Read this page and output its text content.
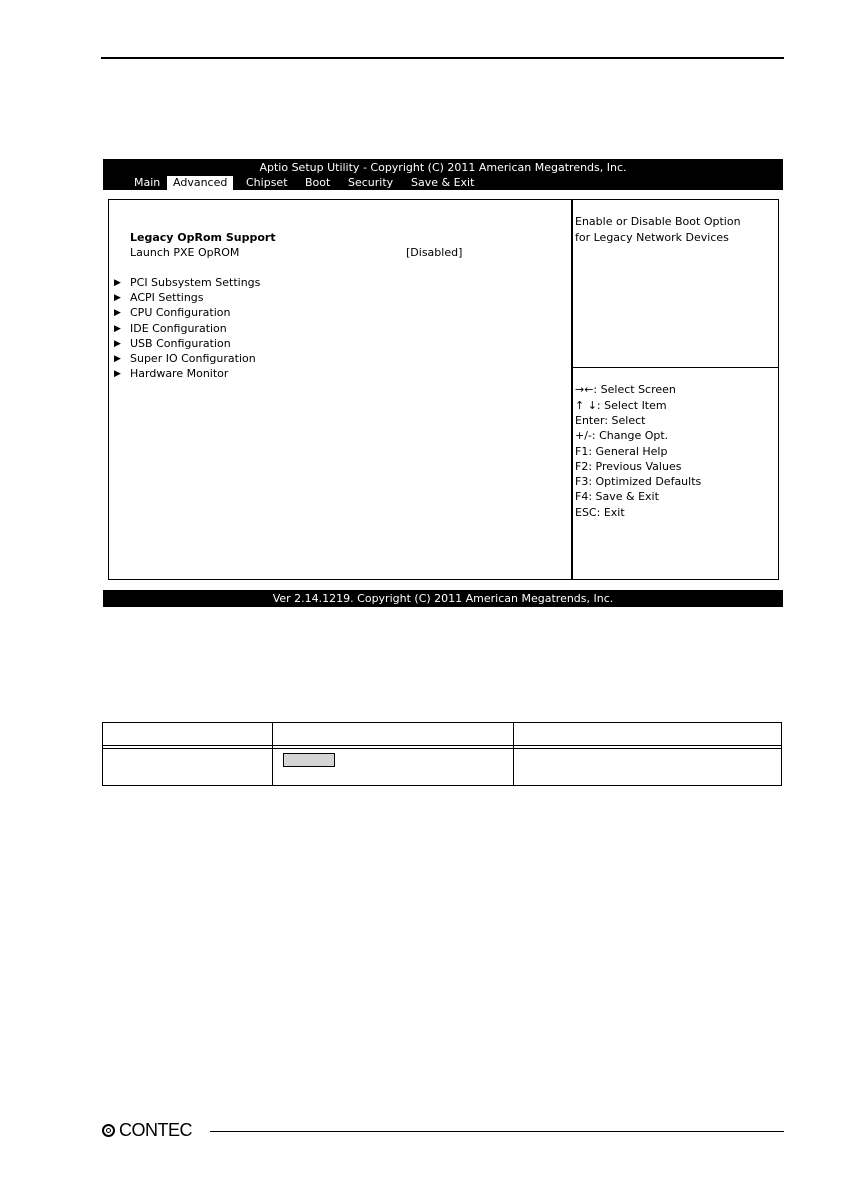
Aptio Setup Utility - Copyright (C) 2011 American Megatrends, Inc.
Main	Advanced	Chipset	Boot	Security	Save & Exit
Legacy OpRom Support
Launch PXE OpROM	[Disabled]
▶ PCI Subsystem Settings
▶ ACPI Settings
▶ CPU Configuration
▶ IDE Configuration
▶ USB Configuration
▶ Super IO Configuration
▶ Hardware Monitor
Enable or Disable Boot Option
for Legacy Network Devices
→←: Select Screen
↑ ↓: Select Item
Enter: Select
+/-: Change Opt.
F1: General Help
F2: Previous Values
F3: Optimized Defaults
F4: Save & Exit
ESC: Exit
Ver 2.14.1219. Copyright (C) 2011 American Megatrends, Inc.
CONTEC
